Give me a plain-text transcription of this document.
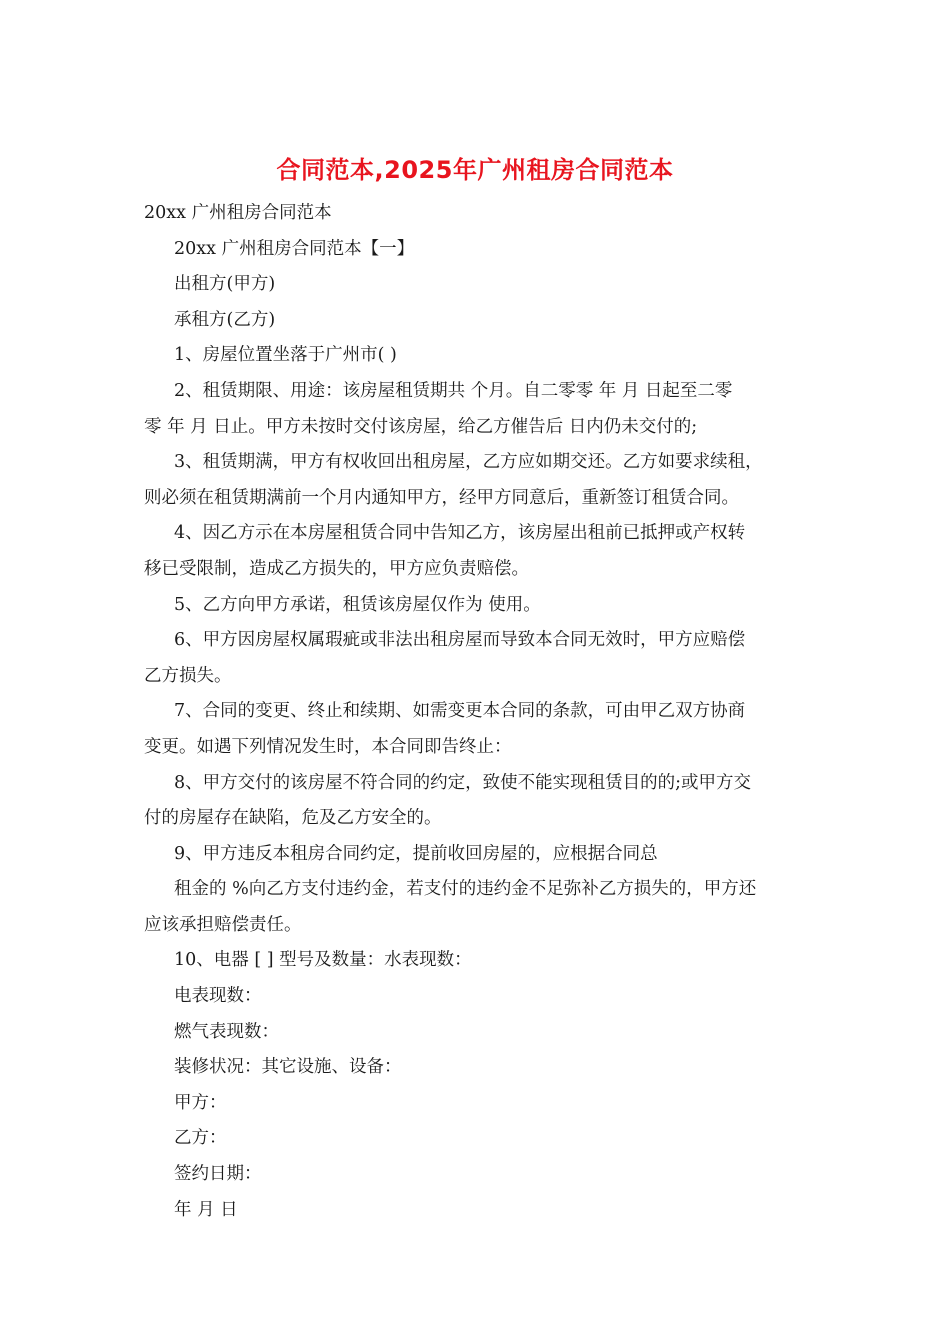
合同范本,2025年广州租房合同范本
20xx 广州租房合同范本
20xx 广州租房合同范本【一】
出租方(甲方)
承租方(乙方)
1、房屋位置坐落于广州市( )
2、租赁期限、用途：该房屋租赁期共 个月。自二零零 年 月 日起至二零
零 年 月 日止。甲方未按时交付该房屋，给乙方催告后 日内仍未交付的;
3、租赁期满，甲方有权收回出租房屋，乙方应如期交还。乙方如要求续租，
则必须在租赁期满前一个月内通知甲方，经甲方同意后，重新签订租赁合同。
4、因乙方示在本房屋租赁合同中告知乙方，该房屋出租前已抵押或产权转
移已受限制，造成乙方损失的，甲方应负责赔偿。
5、乙方向甲方承诺，租赁该房屋仅作为 使用。
6、甲方因房屋权属瑕疵或非法出租房屋而导致本合同无效时，甲方应赔偿
乙方损失。
7、合同的变更、终止和续期、如需变更本合同的条款，可由甲乙双方协商
变更。如遇下列情况发生时，本合同即告终止：
8、甲方交付的该房屋不符合同的约定，致使不能实现租赁目的的;或甲方交
付的房屋存在缺陷，危及乙方安全的。
9、甲方违反本租房合同约定，提前收回房屋的，应根据合同总
租金的 %向乙方支付违约金，若支付的违约金不足弥补乙方损失的，甲方还
应该承担赔偿责任。
10、电器 [ ] 型号及数量：水表现数：
电表现数：
燃气表现数：
装修状况：其它设施、设备：
甲方：
乙方：
签约日期：
年 月 日
